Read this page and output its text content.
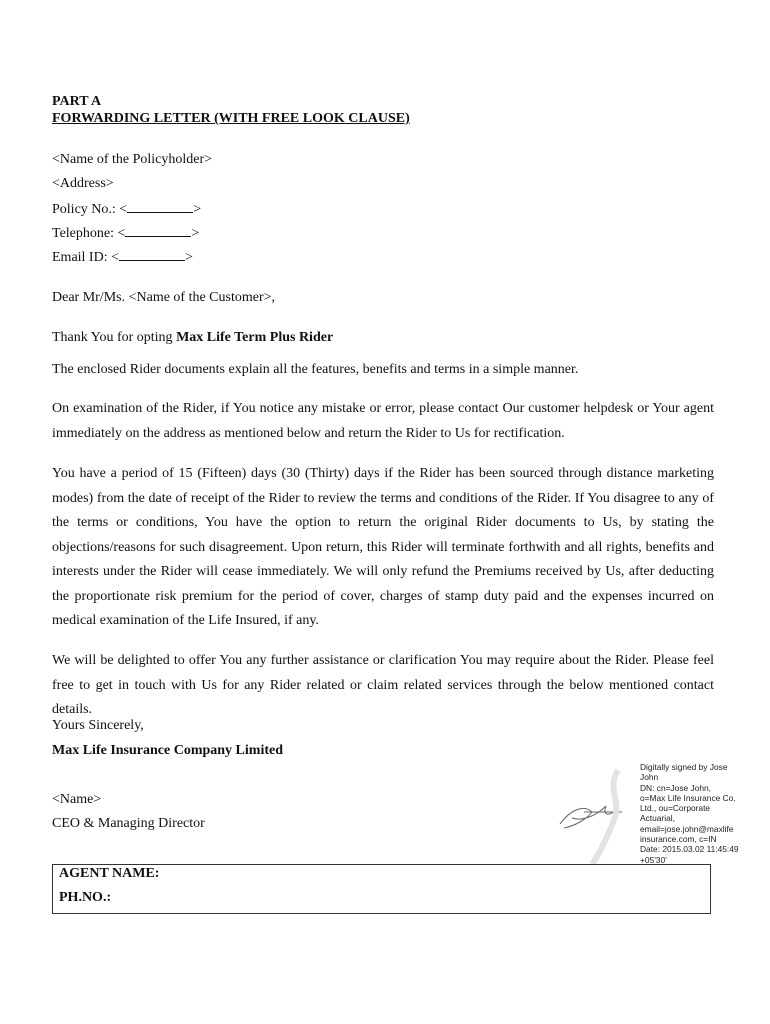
PART A
FORWARDING LETTER (WITH FREE LOOK CLAUSE)
<Name of the Policyholder>
<Address>
Policy No.: <	>
Telephone: <	>
Email ID: <	>
Dear Mr/Ms. <Name of the Customer>,
Thank You for opting Max Life Term Plus Rider
The enclosed Rider documents explain all the features, benefits and terms in a simple manner.
On examination of the Rider, if You notice any mistake or error, please contact Our customer helpdesk or Your agent immediately on the address as mentioned below and return the Rider to Us for rectification.
You have a period of 15 (Fifteen) days (30 (Thirty) days if the Rider has been sourced through distance marketing modes) from the date of receipt of the Rider to review the terms and conditions of the Rider. If You disagree to any of the terms or conditions, You have the option to return the original Rider documents to Us, by stating the objections/reasons for such disagreement. Upon return, this Rider will terminate forthwith and all rights, benefits and interests under the Rider will cease immediately. We will only refund the Premiums received by Us, after deducting the proportionate risk premium for the period of cover, charges of stamp duty paid and the expenses incurred on medical examination of the Life Insured, if any.
We will be delighted to offer You any further assistance or clarification You may require about the Rider. Please feel free to get in touch with Us for any Rider related or claim related services through the below mentioned contact details.
Yours Sincerely,
Max Life Insurance Company Limited
<Name>
CEO & Managing Director
Digitally signed by Jose
John
DN: cn=Jose John,
o=Max Life Insurance Co.
Ltd., ou=Corporate
Actuarial,
email=jose.john@maxlife
insurance.com, c=IN
Date: 2015.03.02 11:45:49
+05'30'
AGENT NAME:
PH.NO.:
